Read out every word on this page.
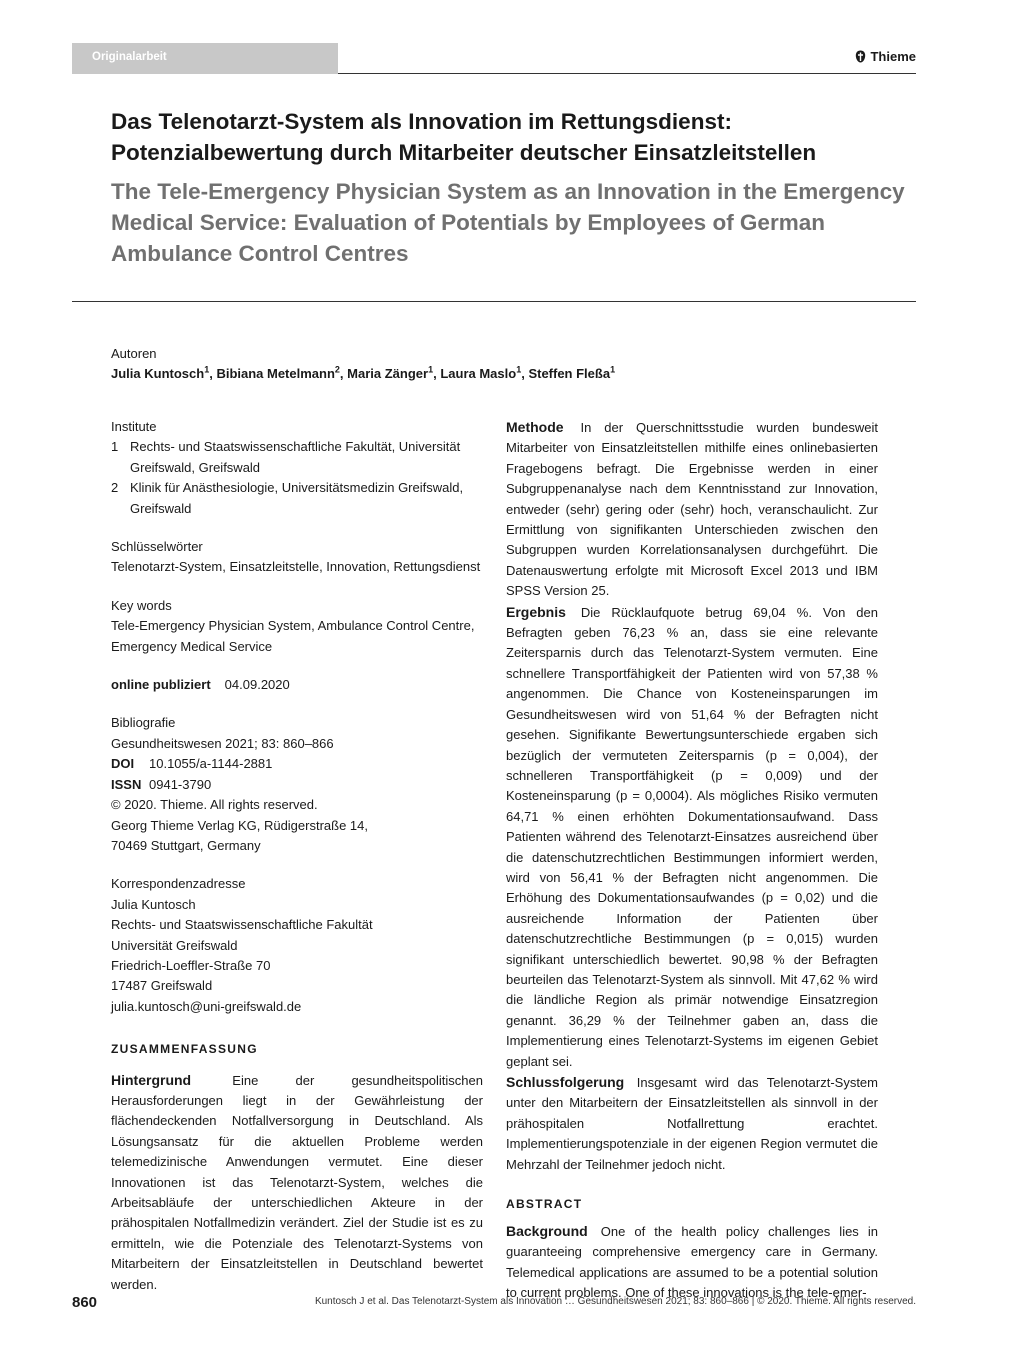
Originalarbeit	Thieme
Das Telenotarzt-System als Innovation im Rettungsdienst: Potenzialbewertung durch Mitarbeiter deutscher Einsatzleitstellen
The Tele-Emergency Physician System as an Innovation in the Emergency Medical Service: Evaluation of Potentials by Employees of German Ambulance Control Centres
Autoren
Julia Kuntosch$^1$, Bibiana Metelmann$^2$, Maria Zänger$^1$, Laura Maslo$^1$, Steffen Fleßa$^1$
Institute
1 Rechts- und Staatswissenschaftliche Fakultät, Universität Greifswald, Greifswald
2 Klinik für Anästhesiologie, Universitätsmedizin Greifswald, Greifswald
Schlüsselwörter
Telenotarzt-System, Einsatzleitstelle, Innovation, Rettungsdienst
Key words
Tele-Emergency Physician System, Ambulance Control Centre, Emergency Medical Service
online publiziert 04.09.2020
Bibliografie
Gesundheitswesen 2021; 83: 860–866
DOI 10.1055/a-1144-2881
ISSN 0941-3790
© 2020. Thieme. All rights reserved.
Georg Thieme Verlag KG, Rüdigerstraße 14,
70469 Stuttgart, Germany
Korrespondenzadresse
Julia Kuntosch
Rechts- und Staatswissenschaftliche Fakultät
Universität Greifswald
Friedrich-Loeffler-Straße 70
17487 Greifswald
julia.kuntosch@uni-greifswald.de
ZUSAMMENFASSUNG

Hintergrund	Eine der gesundheitspolitischen Herausforderungen liegt in der Gewährleistung der flächendeckenden Notfallversorgung in Deutschland. Als Lösungsansatz für die aktuellen Probleme werden telemedizinische Anwendungen vermutet. Eine dieser Innovationen ist das Telenotarzt-System, welches die Arbeitsabläufe der unterschiedlichen Akteure in der prähospitalen Notfallmedizin verändert. Ziel der Studie ist es zu ermitteln, wie die Potenziale des Telenotarzt-Systems von Mitarbeitern der Einsatzleitstellen in Deutschland bewertet werden.

Methode In der Querschnittsstudie wurden bundesweit Mitarbeiter von Einsatzleitstellen mithilfe eines onlinebasierten Fragebogens befragt. Die Ergebnisse werden in einer Subgruppenanalyse nach dem Kenntnisstand zur Innovation, entweder (sehr) gering oder (sehr) hoch, veranschaulicht. Zur Ermittlung von signifikanten Unterschieden zwischen den Subgruppen wurden Korrelationsanalysen durchgeführt. Die Datenauswertung erfolgte mit Microsoft Excel 2013 und IBM SPSS Version 25.

Ergebnis Die Rücklaufquote betrug 69,04 %. Von den Befragten geben 76,23 % an, dass sie eine relevante Zeitersparnis durch das Telenotarzt-System vermuten. Eine schnellere Transportfähigkeit der Patienten wird von 57,38 % angenommen. Die Chance von Kosteneinsparungen im Gesundheitswesen wird von 51,64 % der Befragten nicht gesehen. Signifikante Bewertungsunterschiede ergaben sich bezüglich der vermuteten Zeitersparnis (p = 0,004), der schnelleren Transportfähigkeit (p = 0,009) und der Kosteneinsparung (p = 0,0004). Als mögliches Risiko vermuten 64,71 % einen erhöhten Dokumentationsaufwand. Dass Patienten während des Telenotarzt-Einsatzes ausreichend über die datenschutzrechtlichen Bestimmungen informiert werden, wird von 56,41 % der Befragten nicht angenommen. Die Erhöhung des Dokumentationsaufwandes (p = 0,02) und die ausreichende Information der Patienten über datenschutzrechtliche Bestimmungen (p = 0,015) wurden signifikant unterschiedlich bewertet. 90,98 % der Befragten beurteilen das Telenotarzt-System als sinnvoll. Mit 47,62 % wird die ländliche Region als primär notwendige Einsatzregion genannt. 36,29 % der Teilnehmer gaben an, dass die Implementierung eines Telenotarzt-Systems im eigenen Gebiet geplant sei.

Schlussfolgerung Insgesamt wird das Telenotarzt-System unter den Mitarbeitern der Einsatzleitstellen als sinnvoll in der prähospitalen Notfallrettung erachtet. Implementierungspotenziale in der eigenen Region vermutet die Mehrzahl der Teilnehmer jedoch nicht.

ABSTRACT

Background One of the health policy challenges lies in guaranteeing comprehensive emergency care in Germany. Telemedical applications are assumed to be a potential solution to current problems. One of these innovations is the tele-emer-

860	Kuntosch J et al. Das Telenotarzt-System als Innovation … Gesundheitswesen 2021; 83: 860–866 | © 2020. Thieme. All rights reserved.
